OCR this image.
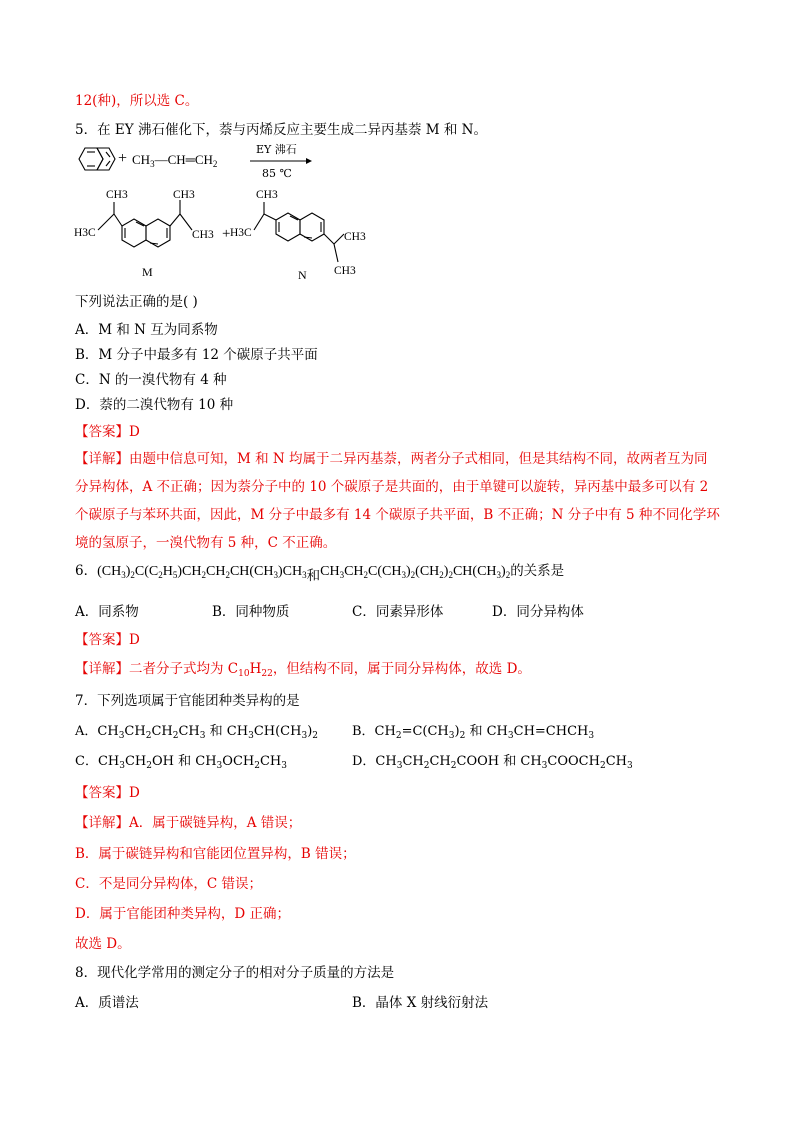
12(种)，所以选 C。
5．在 EY 沸石催化下，萘与丙烯反应主要生成二异丙基萘 M 和 N。
+ $CH_3—CH═CH_2$
EY 沸石
85 ℃
CH3
H3C
CH3
CH3 +
M
CH3
H3C	CH3
CH3
N
下列说法正确的是( )
A．M 和 N 互为同系物
B．M 分子中最多有 12 个碳原子共平面
C．N 的一溴代物有 4 种
D．萘的二溴代物有 10 种
【答案】D
【详解】由题中信息可知，M 和 N 均属于二异丙基萘，两者分子式相同，但是其结构不同，故两者互为同
分异构体，A 不正确；因为萘分子中的 10 个碳原子是共面的，由于单键可以旋转，异丙基中最多可以有 2
个碳原子与苯环共面，因此，M 分子中最多有 14 个碳原子共平面，B 不正确；N 分子中有 5 种不同化学环
境的氢原子，一溴代物有 5 种，C 不正确。
6．$(CH_3)_2C(C_2H_5)CH_2CH_2CH(CH_3)CH_3$和$CH_3CH_2C(CH_3)_2(CH_2)_2CH(CH_3)_2$的关系是
A．同系物	B．同种物质	C．同素异形体	D．同分异构体
【答案】D
【详解】二者分子式均为 $C_{10}H_{22}$，但结构不同，属于同分异构体，故选 D。
7．下列选项属于官能团种类异构的是
A．$CH_3CH_2CH_2CH_3$ 和 $CH_3CH(CH_3)_2$	B．$CH_2=C(CH_3)_2$ 和 $CH_3CH=CHCH_3$
C．$CH_3CH_2OH$ 和 $CH_3OCH_2CH_3$	D．$CH_3CH_2CH_2COOH$ 和 $CH_3COOCH_2CH_3$
【答案】D
【详解】A．属于碳链异构，A 错误；
B．属于碳链异构和官能团位置异构，B 错误；
C．不是同分异构体，C 错误；
D．属于官能团种类异构，D 正确；
故选 D。
8．现代化学常用的测定分子的相对分子质量的方法是
A．质谱法	B．晶体 X 射线衍射法
